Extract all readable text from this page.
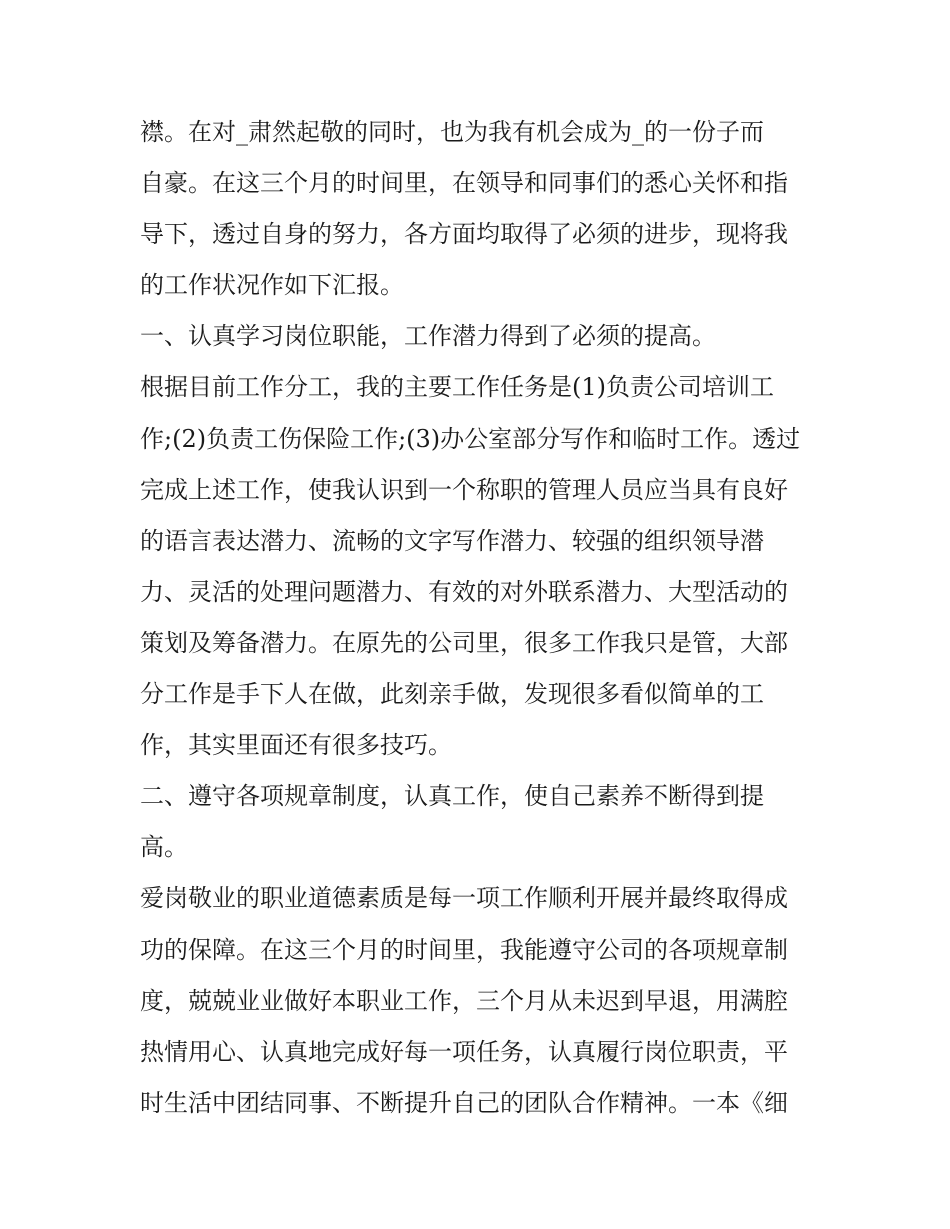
襟。在对_肃然起敬的同时，也为我有机会成为_的一份子而
自豪。在这三个月的时间里，在领导和同事们的悉心关怀和指
导下，透过自身的努力，各方面均取得了必须的进步，现将我
的工作状况作如下汇报。
一、认真学习岗位职能，工作潜力得到了必须的提高。
根据目前工作分工，我的主要工作任务是(1)负责公司培训工
作;(2)负责工伤保险工作;(3)办公室部分写作和临时工作。透过
完成上述工作，使我认识到一个称职的管理人员应当具有良好
的语言表达潜力、流畅的文字写作潜力、较强的组织领导潜
力、灵活的处理问题潜力、有效的对外联系潜力、大型活动的
策划及筹备潜力。在原先的公司里，很多工作我只是管，大部
分工作是手下人在做，此刻亲手做，发现很多看似简单的工
作，其实里面还有很多技巧。
二、遵守各项规章制度，认真工作，使自己素养不断得到提
高。
爱岗敬业的职业道德素质是每一项工作顺利开展并最终取得成
功的保障。在这三个月的时间里，我能遵守公司的各项规章制
度，兢兢业业做好本职业工作，三个月从未迟到早退，用满腔
热情用心、认真地完成好每一项任务，认真履行岗位职责，平
时生活中团结同事、不断提升自己的团队合作精神。一本《细
